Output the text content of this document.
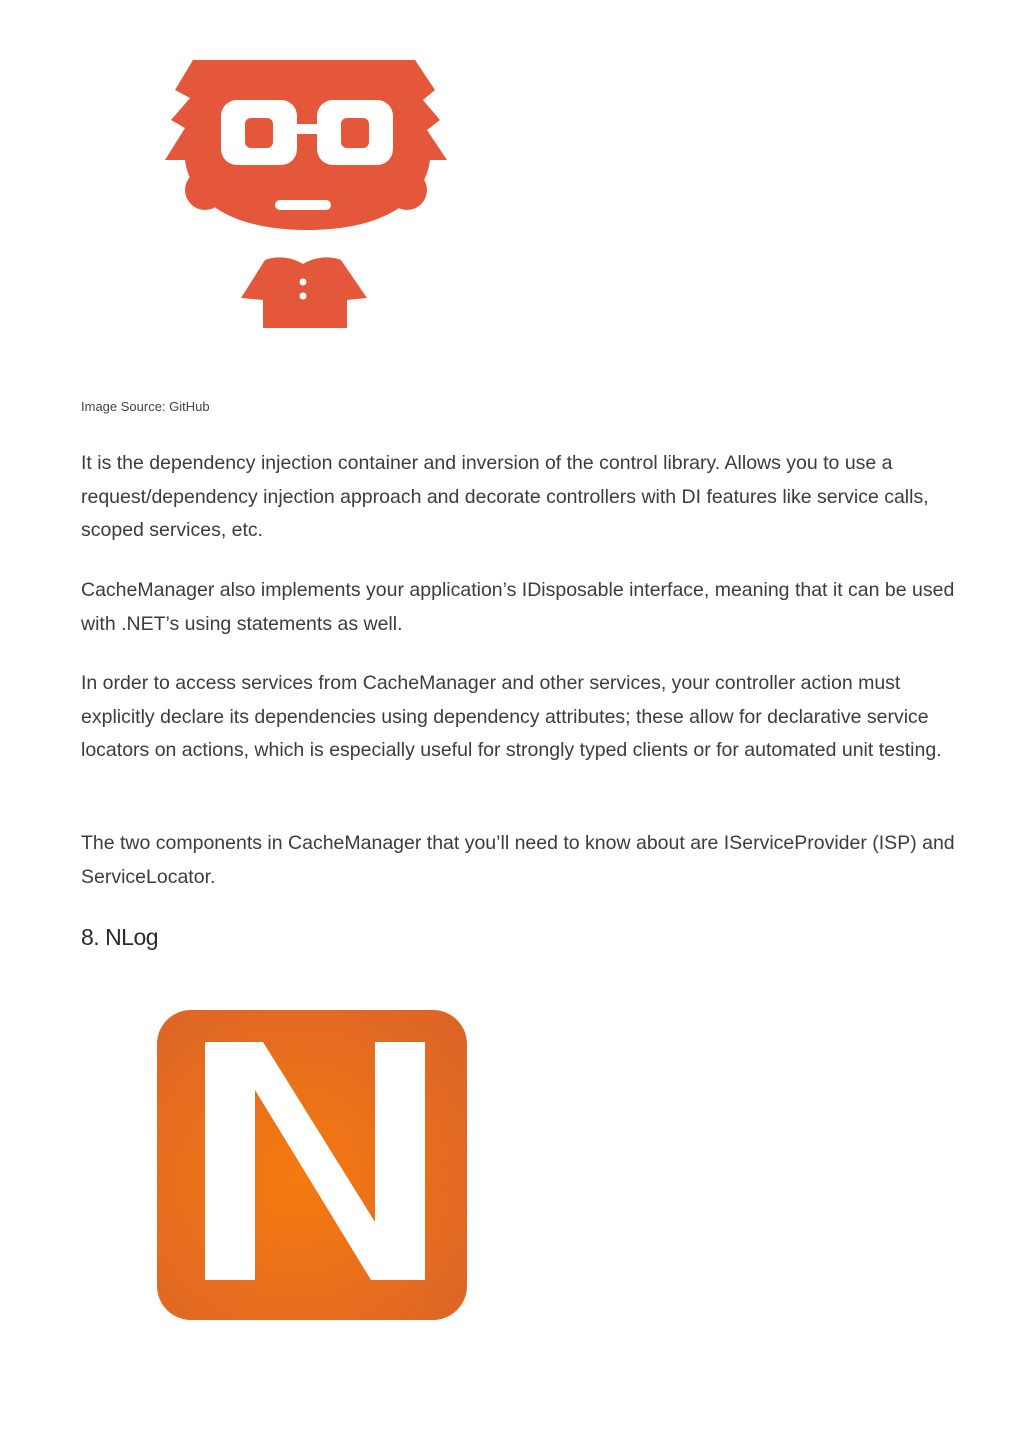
Image Source: GitHub

It is the dependency injection container and inversion of the control library. Allows you to use a request/dependency injection approach and decorate controllers with DI features like service calls, scoped services, etc.

CacheManager also implements your application’s IDisposable interface, meaning that it can be used with .NET’s using statements as well.

In order to access services from CacheManager and other services, your controller action must explicitly declare its dependencies using dependency attributes; these allow for declarative service locators on actions, which is especially useful for strongly typed clients or for automated unit testing.

The two components in CacheManager that you’ll need to know about are IServiceProvider (ISP) and ServiceLocator.

8. NLog
